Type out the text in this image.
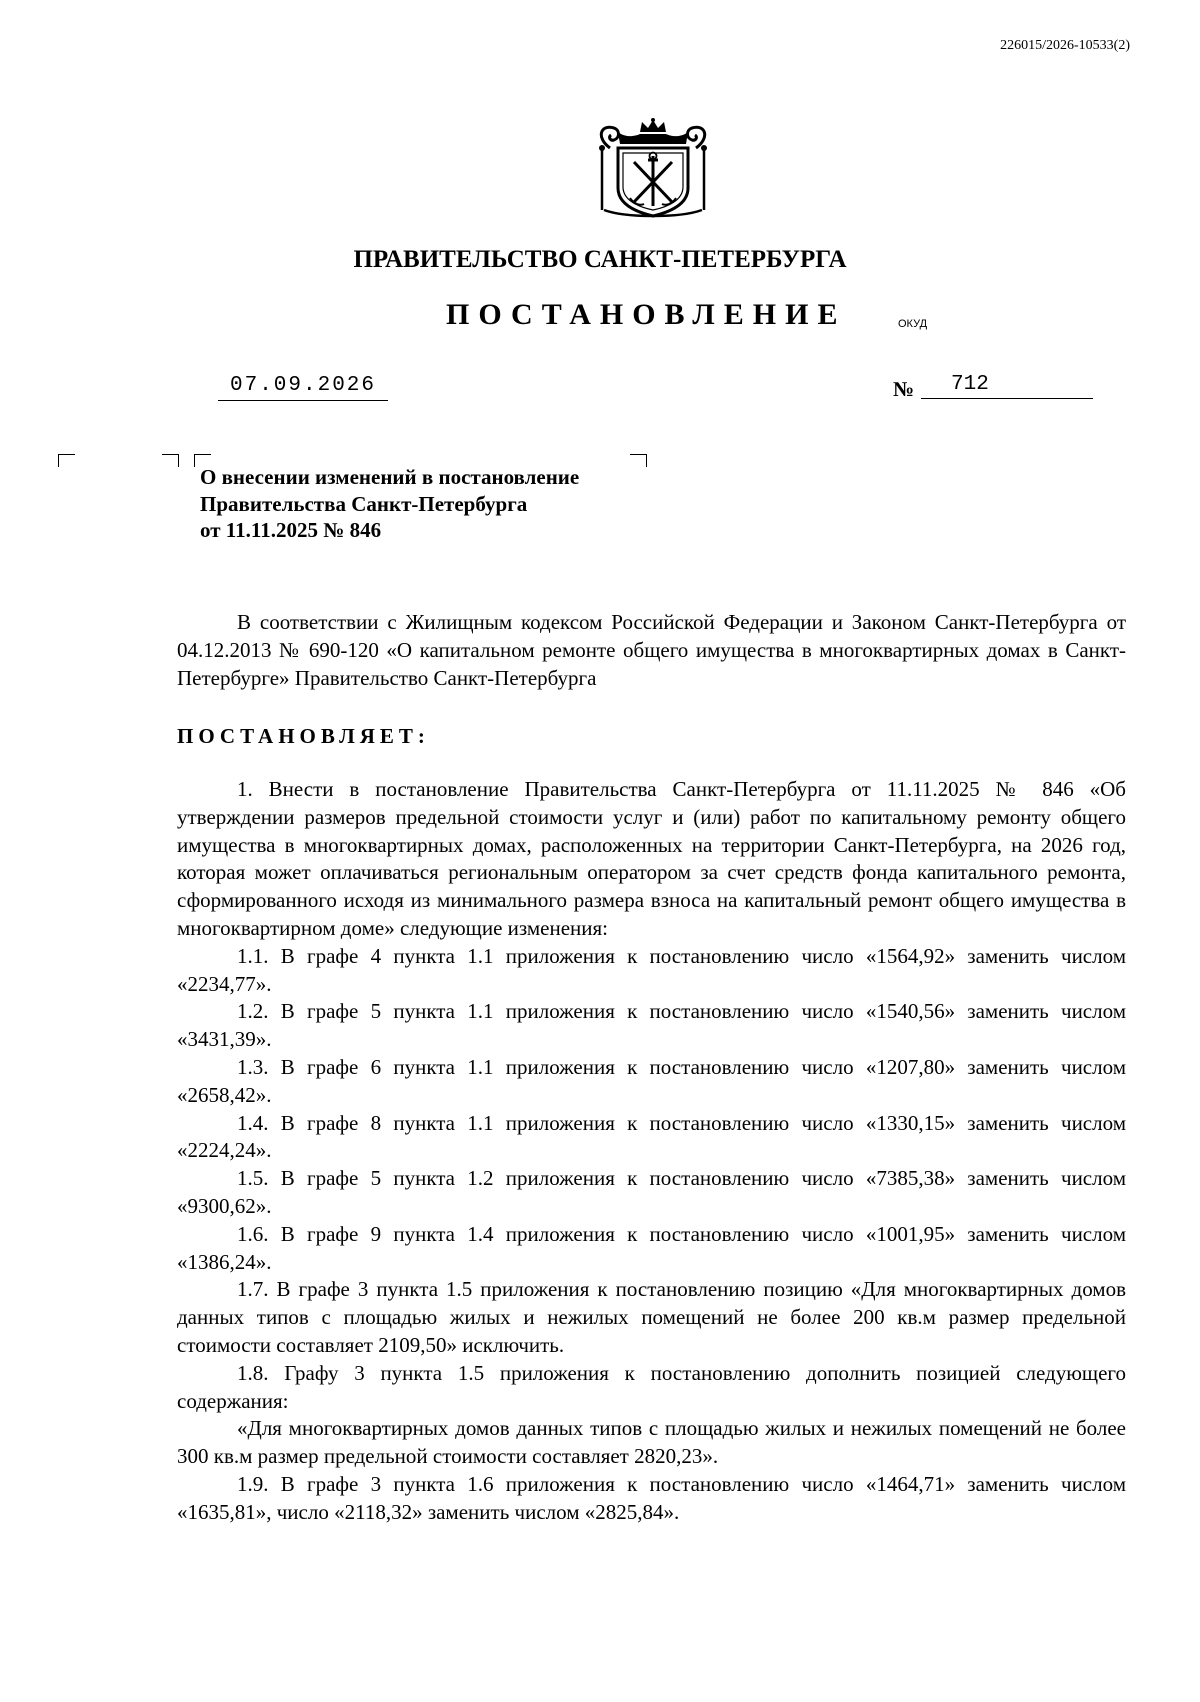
226015/2026-10533(2)
ПРАВИТЕЛЬСТВО САНКТ-ПЕТЕРБУРГА
ПОСТАНОВЛЕНИЕ	ОКУД
07.09.2026	№	712
О внесении изменений в постановление
Правительства Санкт-Петербурга
от 11.11.2025 № 846

В соответствии с Жилищным кодексом Российской Федерации и Законом Санкт-Петербурга от 04.12.2013 № 690-120 «О капитальном ремонте общего имущества в многоквартирных домах в Санкт-Петербурге» Правительство Санкт-Петербурга

ПОСТАНОВЛЯЕТ:

1. Внести в постановление Правительства Санкт-Петербурга от 11.11.2025 № 846 «Об утверждении размеров предельной стоимости услуг и (или) работ по капитальному ремонту общего имущества в многоквартирных домах, расположенных на территории Санкт-Петербурга, на 2026 год, которая может оплачиваться региональным оператором за счет средств фонда капитального ремонта, сформированного исходя из минимального размера взноса на капитальный ремонт общего имущества в многоквартирном доме» следующие изменения:

1.1. В графе 4 пункта 1.1 приложения к постановлению число «1564,92» заменить числом «2234,77».

1.2. В графе 5 пункта 1.1 приложения к постановлению число «1540,56» заменить числом «3431,39».

1.3. В графе 6 пункта 1.1 приложения к постановлению число «1207,80» заменить числом «2658,42».

1.4. В графе 8 пункта 1.1 приложения к постановлению число «1330,15» заменить числом «2224,24».

1.5. В графе 5 пункта 1.2 приложения к постановлению число «7385,38» заменить числом «9300,62».

1.6. В графе 9 пункта 1.4 приложения к постановлению число «1001,95» заменить числом «1386,24».

1.7. В графе 3 пункта 1.5 приложения к постановлению позицию «Для многоквартирных домов данных типов с площадью жилых и нежилых помещений не более 200 кв.м размер предельной стоимости составляет 2109,50» исключить.

1.8. Графу 3 пункта 1.5 приложения к постановлению дополнить позицией следующего содержания:

«Для многоквартирных домов данных типов с площадью жилых и нежилых помещений не более 300 кв.м размер предельной стоимости составляет 2820,23».

1.9. В графе 3 пункта 1.6 приложения к постановлению число «1464,71» заменить числом «1635,81», число «2118,32» заменить числом «2825,84».
